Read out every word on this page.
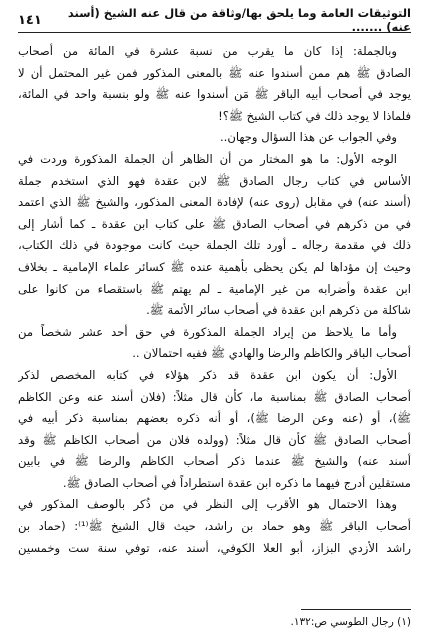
التوثيقات العامة وما يلحق بها/وثاقة من قال عنه الشيخ (أسند عنه) .......
١٤١
وبالجملة: إذا كان ما يقرب من نسبة عشرة في المائة من أصحاب
الصادق ﷺ هم ممن أسندوا عنه ﷺ بالمعنى المذكور فمن غير المحتمل أن لا
يوجد في أصحاب أبيه الباقر ﷺ مَن أسندوا عنه ﷺ ولو بنسبة واحد في المائة،
فلماذا لا يوجد ذلك في كتاب الشيخ ﷺ؟!
وفي الجواب عن هذا السؤال وجهان..
الوجه الأول: ما هو المختار من أن الظاهر أن الجملة المذكورة وردت في
الأساس في كتاب رجال الصادق ﷺ لابن عقدة فهو الذي استخدم جملة
(أسند عنه) في مقابل (روى عنه) لإفادة المعنى المذكور، والشيخ ﷺ الذي اعتمد
في من ذكرهم في أصحاب الصادق ﷺ على كتاب ابن عقدة ـ كما أشار إلى
ذلك في مقدمة رجاله ـ أورد تلك الجملة حيث كانت موجودة في ذلك الكتاب،
وحيث إن مؤداها لم يكن يحظى بأهمية عنده ﷺ كسائر علماء الإمامية ـ بخلاف
ابن عقدة وأضرابه من غير الإمامية ـ لم يهتم ﷺ باستقصاء من كانوا على
شاكلة من ذكرهم ابن عقدة في أصحاب سائر الأئمة ﷺ.
وأما ما يلاحظ من إيراد الجملة المذكورة في حق أحد عشر شخصاً من
أصحاب الباقر والكاظم والرضا والهادي ﷺ ففيه احتمالان ..
الأول: أن يكون ابن عقدة قد ذكر هؤلاء في كتابه المخصص لذكر
أصحاب الصادق ﷺ بمناسبة ما، كأن قال مثلاً: (فلان أسند عنه وعن الكاظم
ﷺ)، أو (عنه وعن الرضا ﷺ)، أو أنه ذكره بعضهم بمناسبة ذكر أبيه في
أصحاب الصادق ﷺ كأن قال مثلاً: (وولده فلان من أصحاب الكاظم ﷺ وقد
أسند عنه) والشيخ ﷺ عندما ذكر أصحاب الكاظم والرضا ﷺ في بابين
مستقلين أدرج فيهما ما ذكره ابن عقدة استطراداً في أصحاب الصادق ﷺ.
وهذا الاحتمال هو الأقرب إلى النظر في من ذُكر بالوصف المذكور في
أصحاب الباقر ﷺ وهو حماد بن راشد، حيث قال الشيخ ﷺ⁽¹⁾: (حماد بن
راشد الأزدي البزاز، أبو العلا الكوفي، أسند عنه، توفي سنة ست وخمسين
(١) رجال الطوسي ص:١٣٢.
